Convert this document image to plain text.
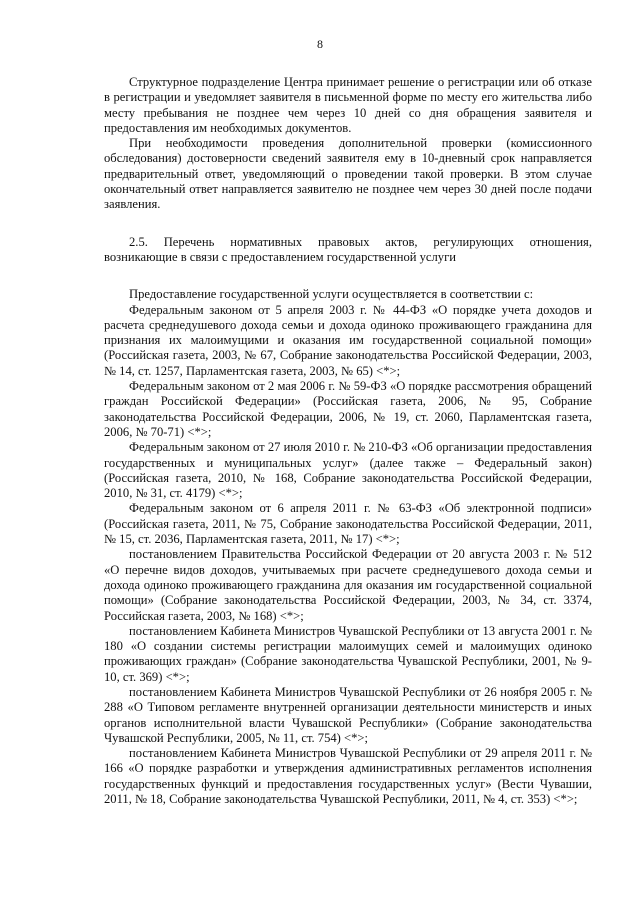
8

Структурное подразделение Центра принимает решение о регистрации или об отказе в регистрации и уведомляет заявителя в письменной форме по месту его жительства либо месту пребывания не позднее чем через 10 дней со дня обращения заявителя и предоставления им необходимых документов.

При необходимости проведения дополнительной проверки (комиссионного обследования) достоверности сведений заявителя ему в 10-дневный срок направляется предварительный ответ, уведомляющий о проведении такой проверки. В этом случае окончательный ответ направляется заявителю не позднее чем через 30 дней после подачи заявления.

2.5. Перечень нормативных правовых актов, регулирующих отношения, возникающие в связи с предоставлением государственной услуги

Предоставление государственной услуги осуществляется в соответствии с:

Федеральным законом от 5 апреля 2003 г. № 44-ФЗ «О порядке учета доходов и расчета среднедушевого дохода семьи и дохода одиноко проживающего гражданина для признания их малоимущими и оказания им государственной социальной помощи» (Российская газета, 2003, № 67, Собрание законодательства Российской Федерации, 2003, № 14, ст. 1257, Парламентская газета, 2003, № 65) <*>;

Федеральным законом от 2 мая 2006 г. № 59-ФЗ «О порядке рассмотрения обращений граждан Российской Федерации» (Российская газета, 2006, № 95, Собрание законодательства Российской Федерации, 2006, № 19, ст. 2060, Парламентская газета, 2006, № 70-71) <*>;

Федеральным законом от 27 июля 2010 г. № 210-ФЗ «Об организации предоставления государственных и муниципальных услуг» (далее также – Федеральный закон) (Российская газета, 2010, № 168, Собрание законодательства Российской Федерации, 2010, № 31, ст. 4179) <*>;

Федеральным законом от 6 апреля 2011 г. № 63-ФЗ «Об электронной подписи» (Российская газета, 2011, № 75, Собрание законодательства Российской Федерации, 2011, № 15, ст. 2036, Парламентская газета, 2011, № 17) <*>;

постановлением Правительства Российской Федерации от 20 августа 2003 г. № 512 «О перечне видов доходов, учитываемых при расчете среднедушевого дохода семьи и дохода одиноко проживающего гражданина для оказания им государственной социальной помощи» (Собрание законодательства Российской Федерации, 2003, № 34, ст. 3374, Российская газета, 2003, № 168) <*>;

постановлением Кабинета Министров Чувашской Республики от 13 августа 2001 г. № 180 «О создании системы регистрации малоимущих семей и малоимущих одиноко проживающих граждан» (Собрание законодательства Чувашской Республики, 2001, № 9-10, ст. 369) <*>;

постановлением Кабинета Министров Чувашской Республики от 26 ноября 2005 г. № 288 «О Типовом регламенте внутренней организации деятельности министерств и иных органов исполнительной власти Чувашской Республики» (Собрание законодательства Чувашской Республики, 2005, № 11, ст. 754) <*>;

постановлением Кабинета Министров Чувашской Республики от 29 апреля 2011 г. № 166 «О порядке разработки и утверждения административных регламентов исполнения государственных функций и предоставления государственных услуг» (Вести Чувашии, 2011, № 18, Собрание законодательства Чувашской Республики, 2011, № 4, ст. 353) <*>;
